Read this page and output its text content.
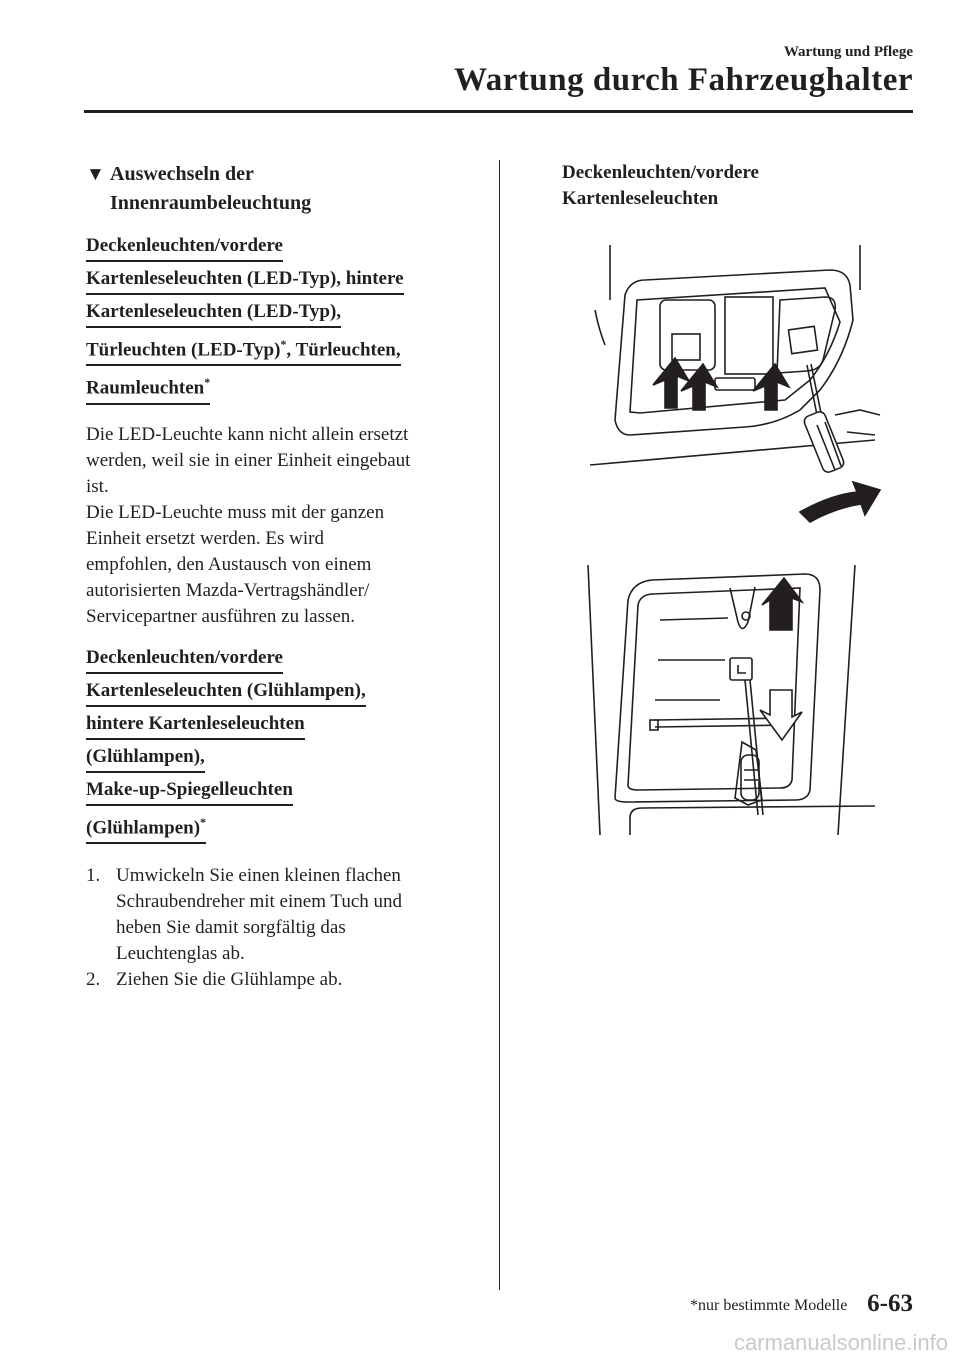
Wartung und Pflege
Wartung durch Fahrzeughalter
▼ Auswechseln der
Innenraumbeleuchtung
Deckenleuchten/vordere
Kartenleseleuchten (LED-Typ), hintere
Kartenleseleuchten (LED-Typ),
Türleuchten (LED-Typ)*, Türleuchten,
Raumleuchten*

Die LED-Leuchte kann nicht allein ersetzt

werden, weil sie in einer Einheit eingebaut

ist.

Die LED-Leuchte muss mit der ganzen

Einheit ersetzt werden. Es wird

empfohlen, den Austausch von einem

autorisierten Mazda-Vertragshändler/

Servicepartner ausführen zu lassen.

Deckenleuchten/vordere
Kartenleseleuchten (Glühlampen),
hintere Kartenleseleuchten
(Glühlampen),
Make-up-Spiegelleuchten
(Glühlampen)*
1. Umwickeln Sie einen kleinen flachen
Schraubendreher mit einem Tuch und
heben Sie damit sorgfältig das
Leuchtenglas ab.
2. Ziehen Sie die Glühlampe ab.
Deckenleuchten/vordere
Kartenleseleuchten
*nur bestimmte Modelle 6-63
carmanualsonline.info
